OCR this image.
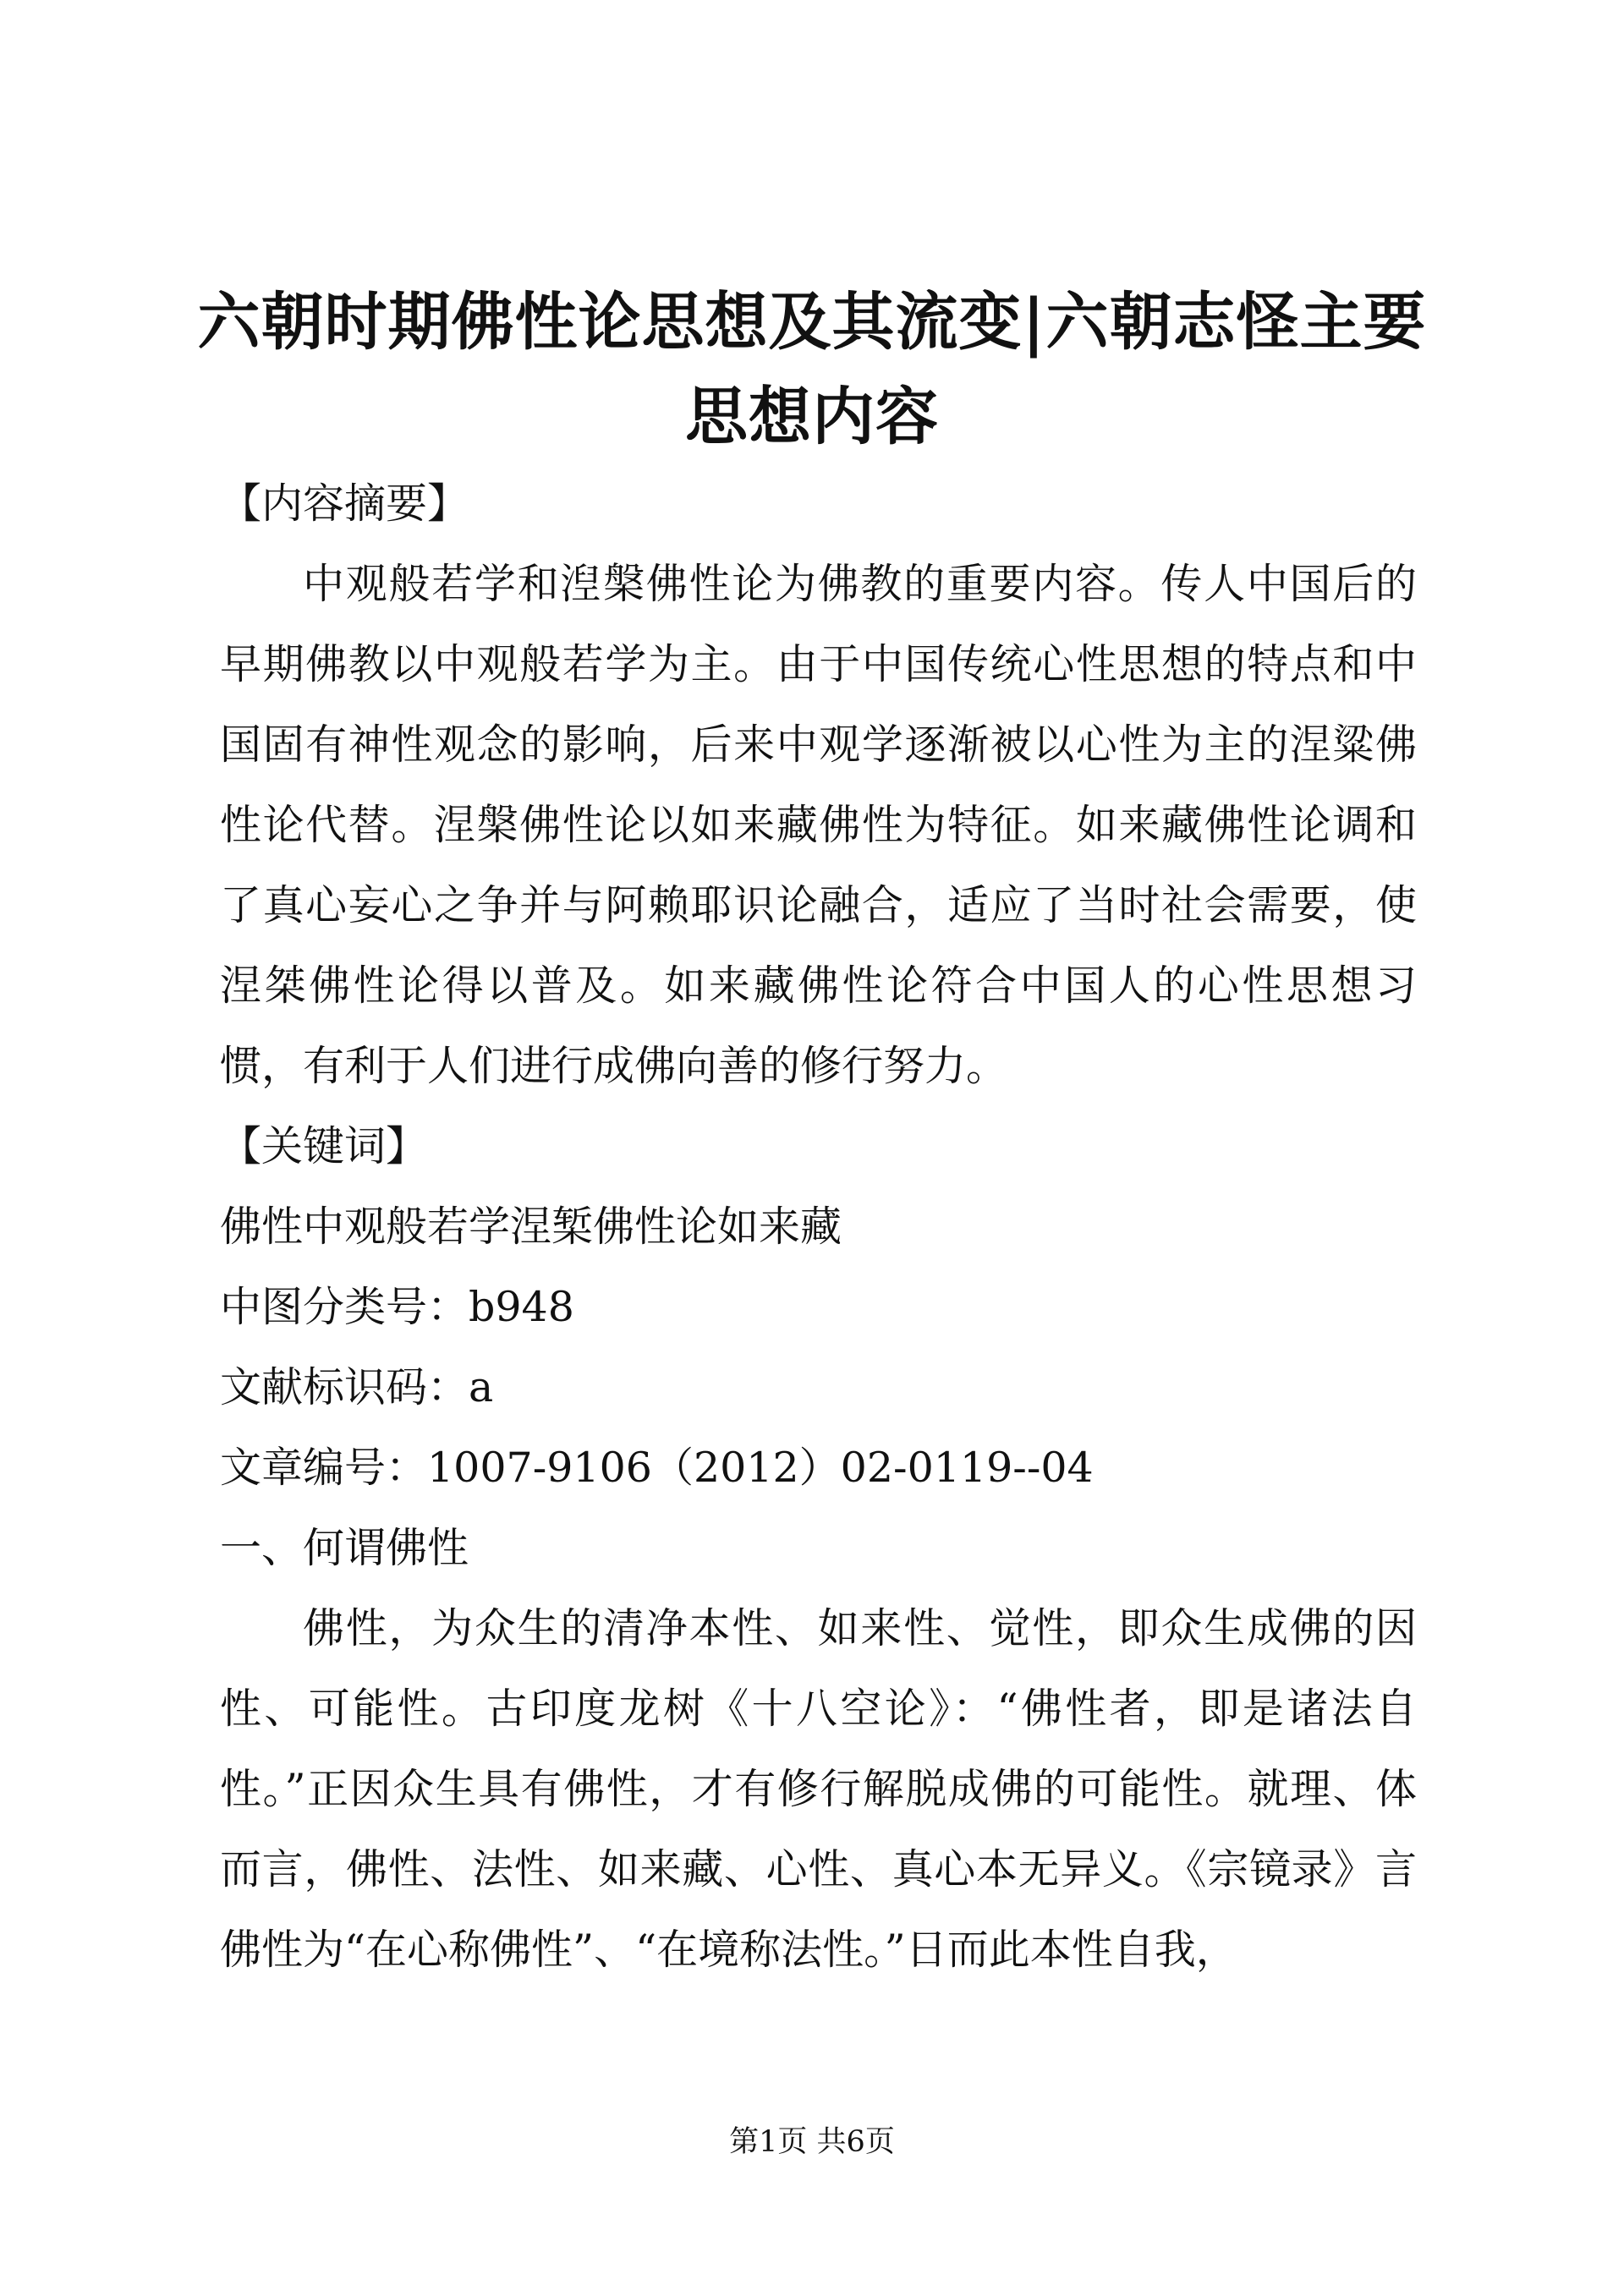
六朝时期佛性论思想及其流变|六朝志怪主要思想内容

【内容摘要】

中观般若学和湼槃佛性论为佛教的重要内容。传人中国后的早期佛教以中观般若学为主。由于中国传统心性思想的特点和中国固有神性观念的影响，后来中观学逐渐被以心性为主的涅粱佛性论代替。涅槃佛性论以如来藏佛性为特征。如来藏佛性论调和了真心妄心之争并与阿赖耶识论融合，适应了当时社会需要，使涅桀佛性论得以普及。如来藏佛性论符合中国人的心性思想习惯，有利于人们进行成佛向善的修行努力。

【关键词】

佛性中观般若学涅椠佛性论如来藏

中图分类号：b948

文献标识码：a

文章编号：1007-9106（2012）02-0119--04

一、何谓佛性

佛性，为众生的清净本性、如来性、觉性，即众生成佛的因性、可能性。古印度龙树《十八空论》：“佛性者，即是诸法自性。”正因众生具有佛性，才有修行解脱成佛的可能性。就理、体而言，佛性、法性、如来藏、心性、真心本无异义。《宗镜录》言佛性为“在心称佛性”、“在境称法性。”日而此本性自我，

第1页 共6页
